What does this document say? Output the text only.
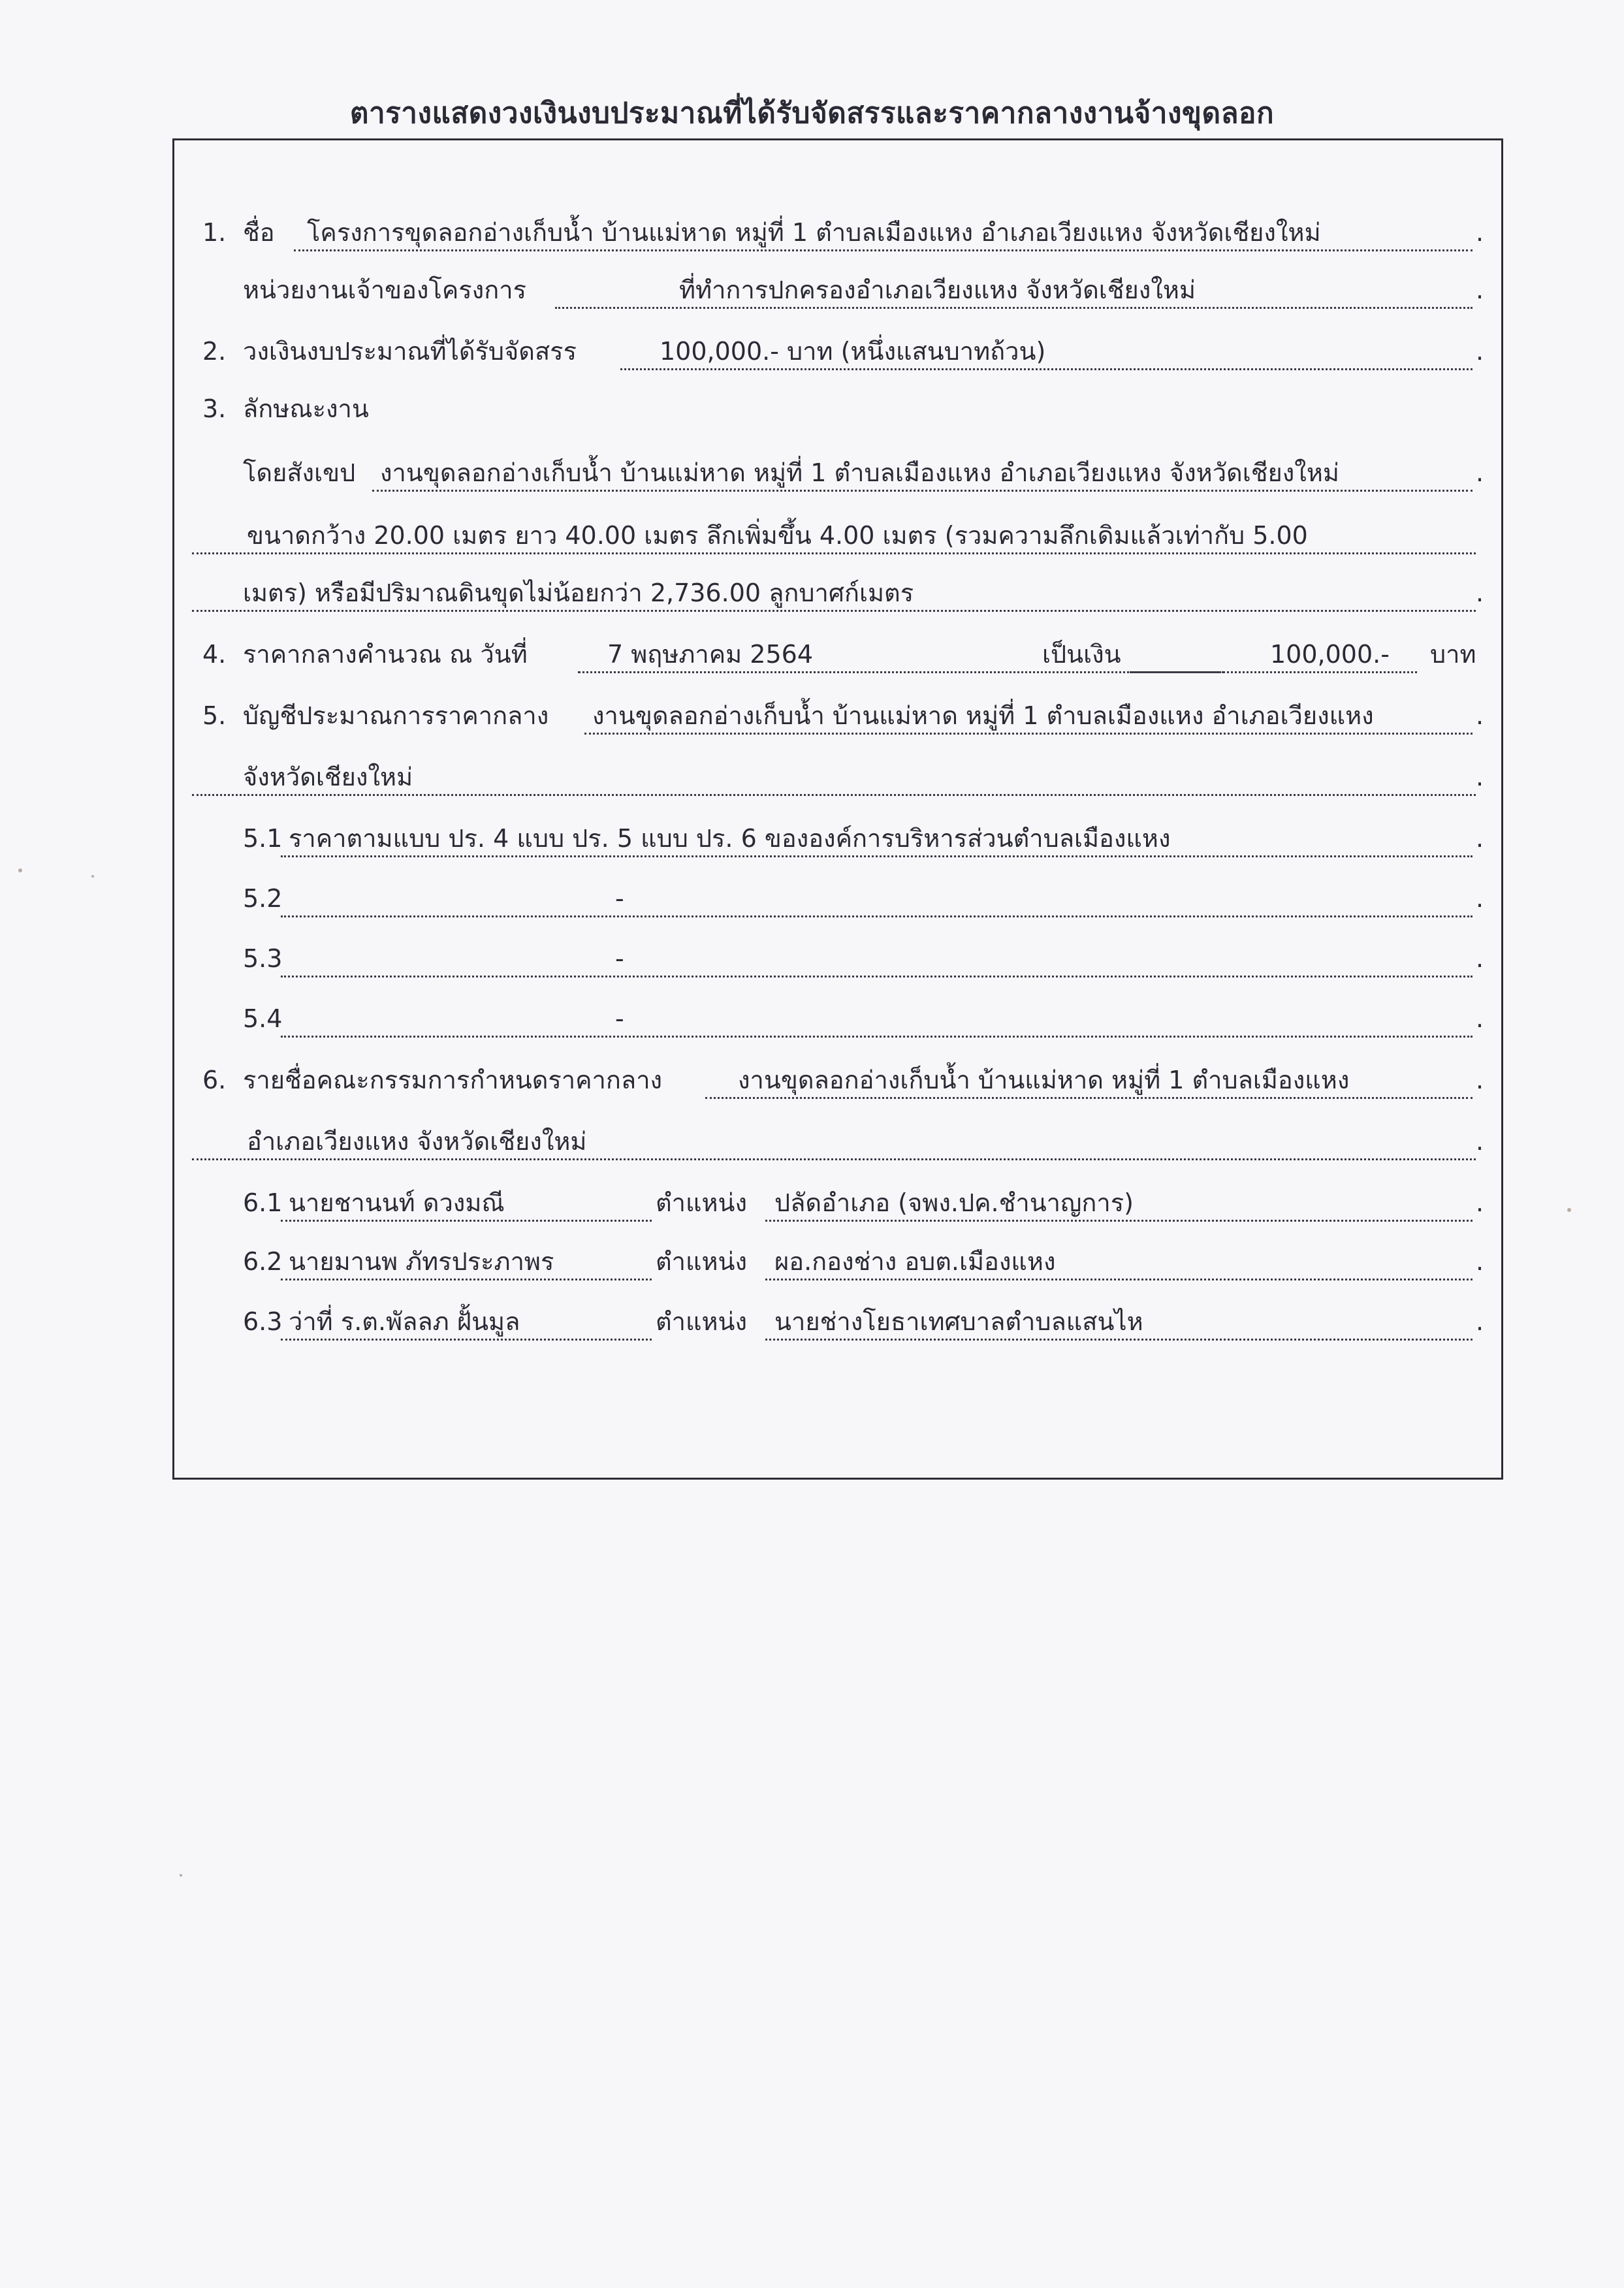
ตารางแสดงวงเงินงบประมาณที่ได้รับจัดสรรและราคากลางงานจ้างขุดลอก
1. ชื่อ	โครงการขุดลอกอ่างเก็บน้ำ บ้านแม่หาด หมู่ที่ 1 ตำบลเมืองแหง อำเภอเวียงแหง จังหวัดเชียงใหม่	.
หน่วยงานเจ้าของโครงการ	ที่ทำการปกครองอำเภอเวียงแหง จังหวัดเชียงใหม่	.
2. วงเงินงบประมาณที่ได้รับจัดสรร	100,000.- บาท (หนึ่งแสนบาทถ้วน)	.
3. ลักษณะงาน
โดยสังเขป งานขุดลอกอ่างเก็บน้ำ บ้านแม่หาด หมู่ที่ 1 ตำบลเมืองแหง อำเภอเวียงแหง จังหวัดเชียงใหม่	.
ขนาดกว้าง 20.00 เมตร ยาว 40.00 เมตร ลึกเพิ่มขึ้น 4.00 เมตร (รวมความลึกเดิมแล้วเท่ากับ 5.00
เมตร) หรือมีปริมาณดินขุดไม่น้อยกว่า 2,736.00 ลูกบาศก์เมตร	.
4. ราคากลางคำนวณ ณ วันที่	7 พฤษภาคม 2564	เป็นเงิน	100,000.-	บาท
5. บัญชีประมาณการราคากลาง	งานขุดลอกอ่างเก็บน้ำ บ้านแม่หาด หมู่ที่ 1 ตำบลเมืองแหง อำเภอเวียงแหง	.
จังหวัดเชียงใหม่	.
5.1 ราคาตามแบบ ปร. 4 แบบ ปร. 5 แบบ ปร. 6 ขององค์การบริหารส่วนตำบลเมืองแหง	.
5.2	-	.
5.3	-	.
5.4	-	.
6. รายชื่อคณะกรรมการกำหนดราคากลาง	งานขุดลอกอ่างเก็บน้ำ บ้านแม่หาด หมู่ที่ 1 ตำบลเมืองแหง	.
อำเภอเวียงแหง จังหวัดเชียงใหม่	.
6.1 นายชานนท์ ดวงมณี	ตำแหน่ง	ปลัดอำเภอ (จพง.ปค.ชำนาญการ)	.
6.2 นายมานพ ภัทรประภาพร	ตำแหน่ง	ผอ.กองช่าง อบต.เมืองแหง	.
6.3 ว่าที่ ร.ต.พัลลภ ฝั้นมูล	ตำแหน่ง	นายช่างโยธาเทศบาลตำบลแสนไห	.
